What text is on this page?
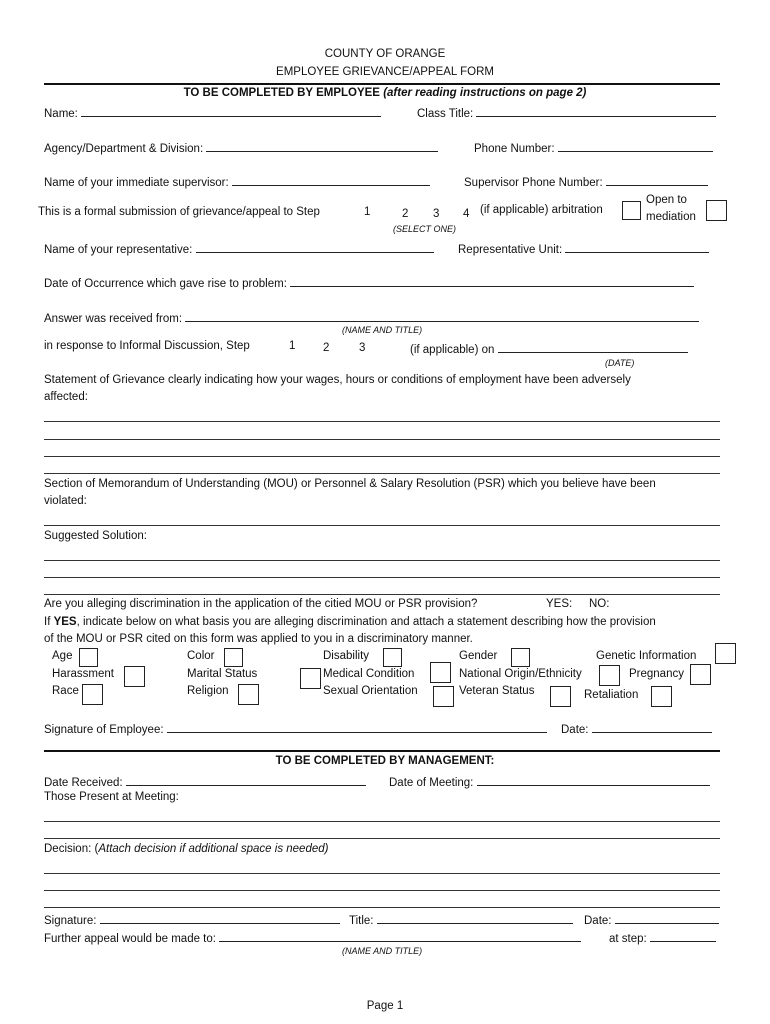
COUNTY OF ORANGE
EMPLOYEE GRIEVANCE/APPEAL FORM
TO BE COMPLETED BY EMPLOYEE (after reading instructions on page 2)
Name:	Class Title:
Agency/Department & Division:	Phone Number:
Name of your immediate supervisor:	Supervisor Phone Number:
This is a formal submission of grievance/appeal to Step	1	2 3 4 (if applicable) arbitration
Open to
mediation
(SELECT ONE)
Name of your representative:	Representative Unit:
Date of Occurrence which gave rise to problem:
Answer was received from:
(NAME AND TITLE)
in response to Informal Discussion, Step	1 2	3	(if applicable) on
(DATE)
Statement of Grievance clearly indicating how your wages, hours or conditions of employment have been adversely
affected:
Section of Memorandum of Understanding (MOU) or Personnel & Salary Resolution (PSR) which you believe have been
violated:
Suggested Solution:
Are you alleging discrimination in the application of the citied MOU or PSR provision?	YES: NO:
If YES, indicate below on what basis you are alleging discrimination and attach a statement describing how the provision
of the MOU or PSR cited on this form was applied to you in a discriminatory manner.
Age	Color	Disability	Gender	Genetic Information
Harassment	Marital Status	Medical Condition	National Origin/Ethnicity	Pregnancy
Race	Religion	Sexual Orientation	Veteran Status	Retaliation
Signature of Employee:	Date:
TO BE COMPLETED BY MANAGEMENT:
Date Received:	Date of Meeting:
Those Present at Meeting:
Decision: (Attach decision if additional space is needed)
Signature:	Title:	Date:
Further appeal would be made to:	at step:
(NAME AND TITLE)
Page 1
